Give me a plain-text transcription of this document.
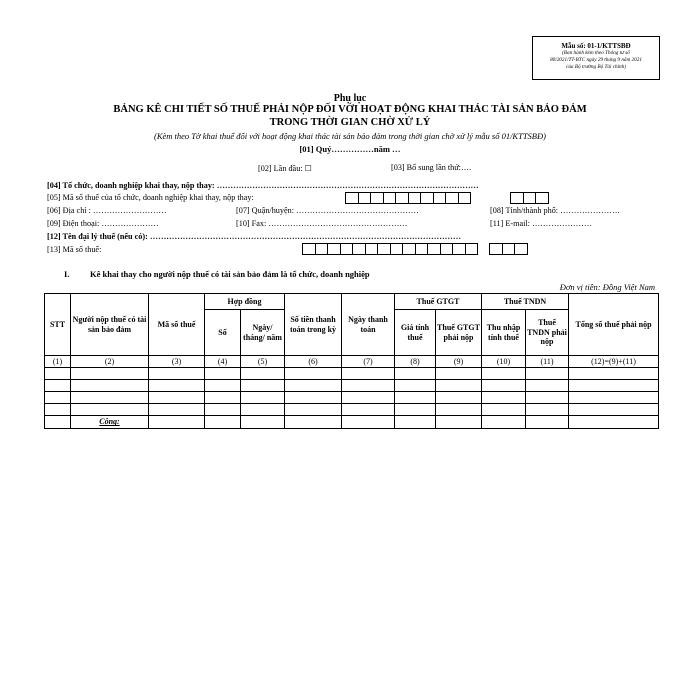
Mẫu số: 01-1/KTTSBĐ
(Ban hành kèm theo Thông tư số
80/2021/TT-BTC ngày 29 tháng 9 năm 2021
của Bộ trưởng Bộ Tài chính)
Phụ lục
BẢNG KÊ CHI TIẾT SỐ THUẾ PHẢI NỘP ĐỐI VỚI HOẠT ĐỘNG KHAI THÁC TÀI SẢN BẢO ĐẢM
TRONG THỜI GIAN CHỜ XỬ LÝ
(Kèm theo Tờ khai thuế đối với hoạt động khai thác tài sản bảo đảm trong thời gian chờ xử lý mẫu số 01/KTTSBĐ)
[01] Quý……………năm …
[02] Lần đầu: ☐	[03] Bổ sung lần thứ:….
[04] Tổ chức, doanh nghiệp khai thay, nộp thay: ……………………………………………………………………………………
[05] Mã số thuế của tổ chức, doanh nghiệp khai thay, nộp thay:
[06] Địa chỉ : ………………………	[07] Quận/huyện: ………………………………………	[08] Tỉnh/thành phố: ………………….
[09] Điện thoại: …………………	[10] Fax: ……………………………………………	[11] E-mail: ………………….
[12] Tên đại lý thuế (nếu có): ……………………………………………………………………………………………………
[13] Mã số thuế:
I. Kê khai thay cho người nộp thuế có tài sản bảo đảm là tổ chức, doanh nghiệp
Đơn vị tiền: Đồng Việt Nam
STT	Người nộp thuế có tài sản bảo đảm	Mã số thuế	Hợp đồng		Số tiền thanh toán trong kỳ	Ngày thanh toán	Thuế GTGT		Thuế TNDN		Tổng số thuế phải nộp
			Số	Ngày/ tháng/ năm			Giá tính thuế	Thuế GTGT phải nộp	Thu nhập tính thuế	Thuế TNDN phải nộp	
(1)	(2)	(3)	(4)	(5)	(6)	(7)	(8)	(9)	(10)	(11)	(12)=(9)+(11)

	Cộng:										
